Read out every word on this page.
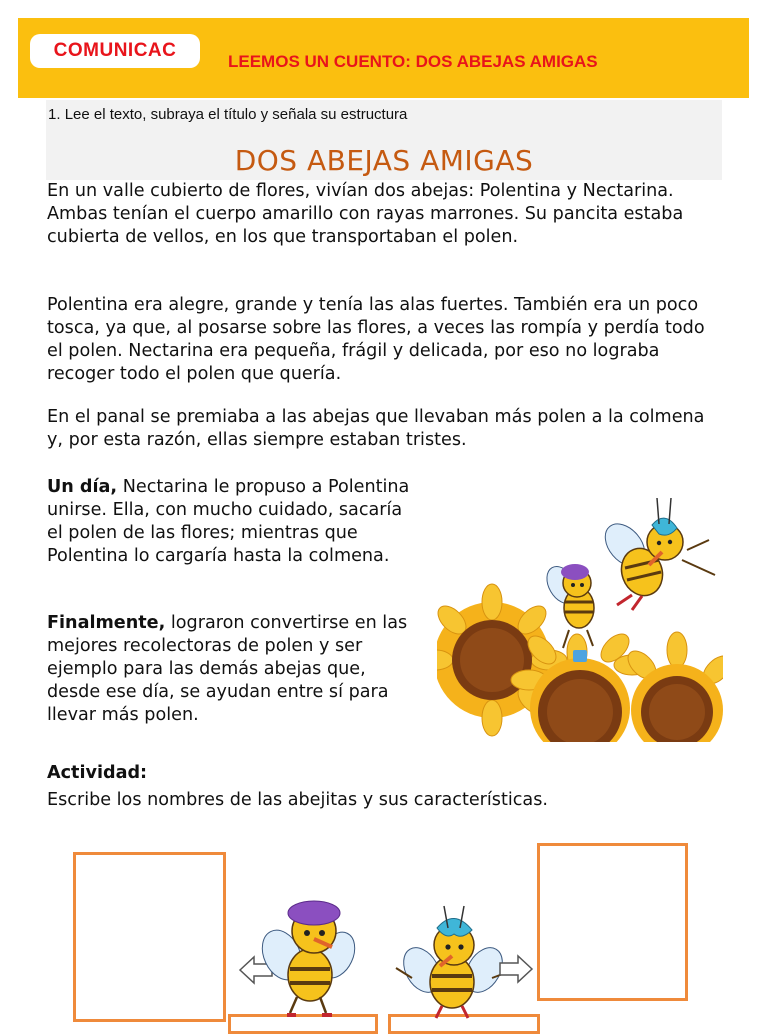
COMUNICAC
LEEMOS UN CUENTO: DOS ABEJAS AMIGAS
1. Lee el texto, subraya el título y señala su estructura
DOS ABEJAS AMIGAS

En un valle cubierto de flores, vivían dos abejas: Polentina y Nectarina. Ambas tenían el cuerpo amarillo con rayas marrones. Su pancita estaba cubierta de vellos, en los que transportaban el polen.

Polentina era alegre, grande y tenía las alas fuertes. También era un poco tosca, ya que, al posarse sobre las flores, a veces las rompía y perdía todo el polen. Nectarina era pequeña, frágil y delicada, por eso no lograba recoger todo el polen que quería.

En el panal se premiaba a las abejas que llevaban más polen a la colmena y, por esta razón, ellas siempre estaban tristes.

Un día, Nectarina le propuso a Polentina unirse. Ella, con mucho cuidado, sacaría el polen de las flores; mientras que Polentina lo cargaría hasta la colmena.

Finalmente, lograron convertirse en las mejores recolectoras de polen y ser ejemplo para las demás abejas que, desde ese día, se ayudan entre sí para llevar más polen.

Actividad:
Escribe los nombres de las abejitas y sus características.
